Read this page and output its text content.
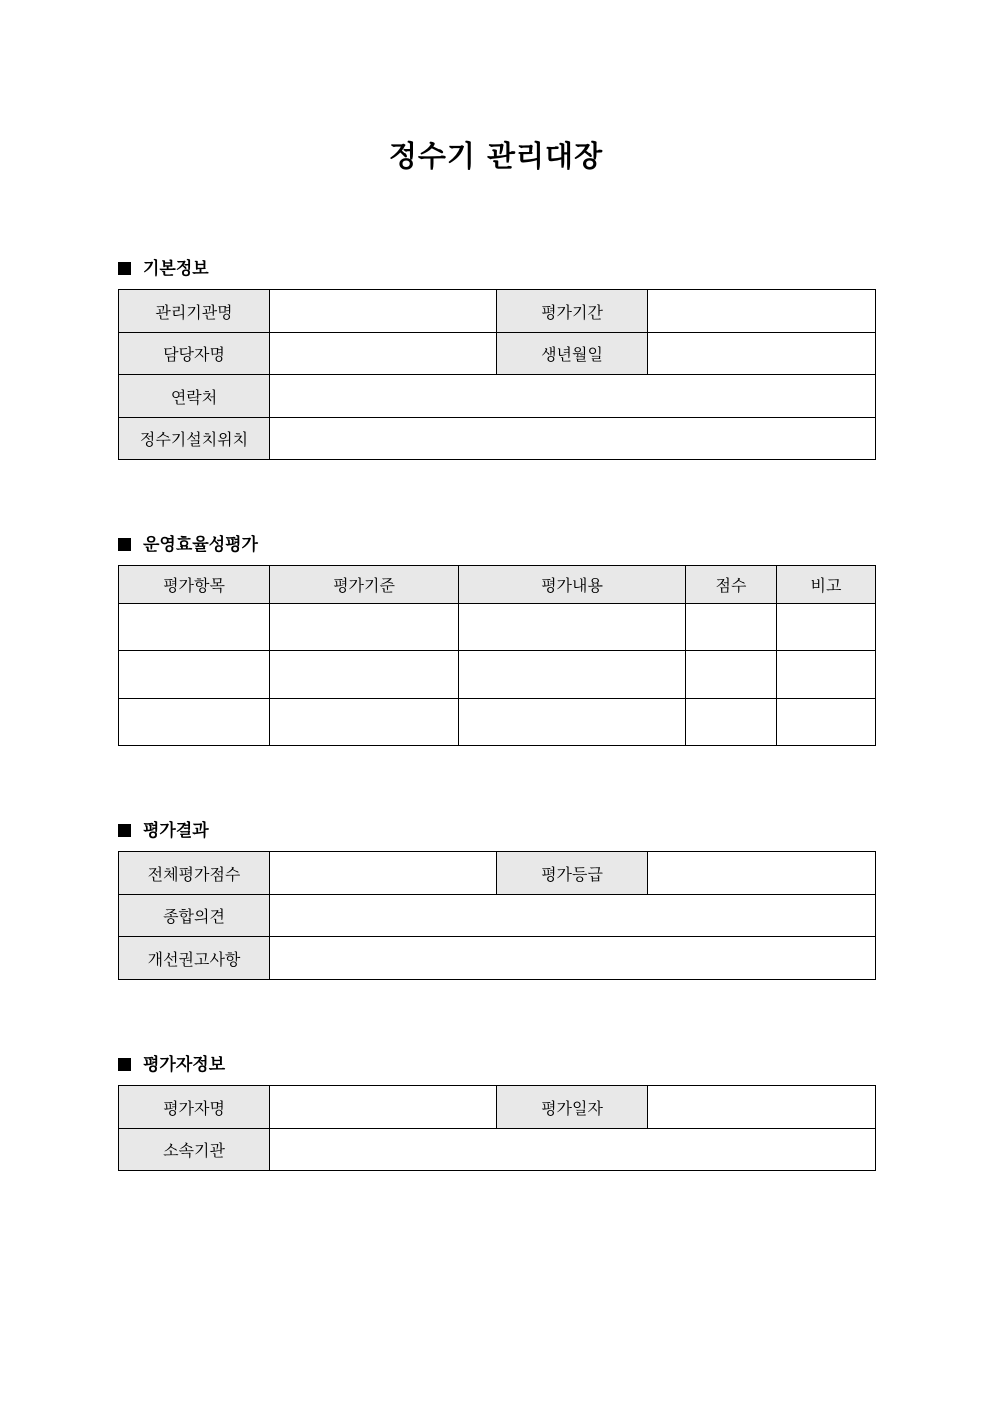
정수기 관리대장
기본정보
관리기관명		평가기간	
담당자명		생년월일	
연락처			
정수기설치위치			
운영효율성평가
평가항목	평가기준	평가내용	점수	비고

평가결과
전체평가점수		평가등급	
종합의견			
개선권고사항			
평가자정보
평가자명		평가일자	
소속기관			
